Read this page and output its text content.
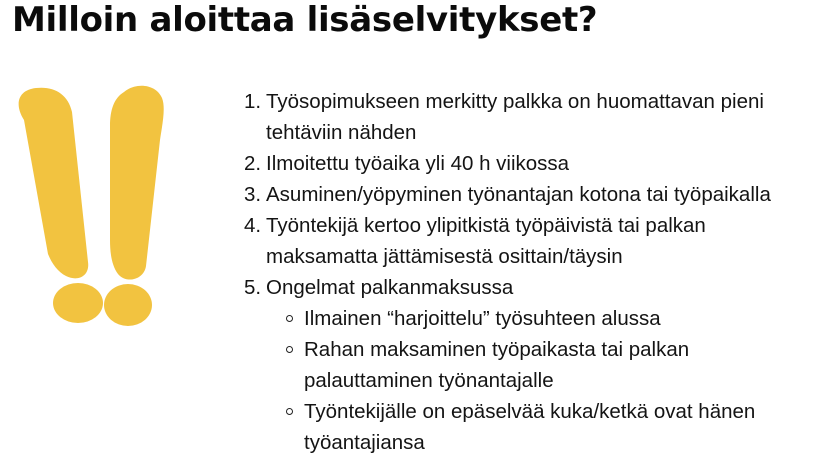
Milloin aloittaa lisäselvitykset?
1. Työsopimukseen merkitty palkka on huomattavan pieni tehtäviin nähden
2. Ilmoitettu työaika yli 40 h viikossa
3. Asuminen/yöpyminen työnantajan kotona tai työpaikalla
4. Työntekijä kertoo ylipitkistä työpäivistä tai palkan maksamatta jättämisestä osittain/täysin
5. Ongelmat palkanmaksussa
Ilmainen “harjoittelu” työsuhteen alussa
Rahan maksaminen työpaikasta tai palkan palauttaminen työnantajalle
Työntekijälle on epäselvää kuka/ketkä ovat hänen työantajiansa
